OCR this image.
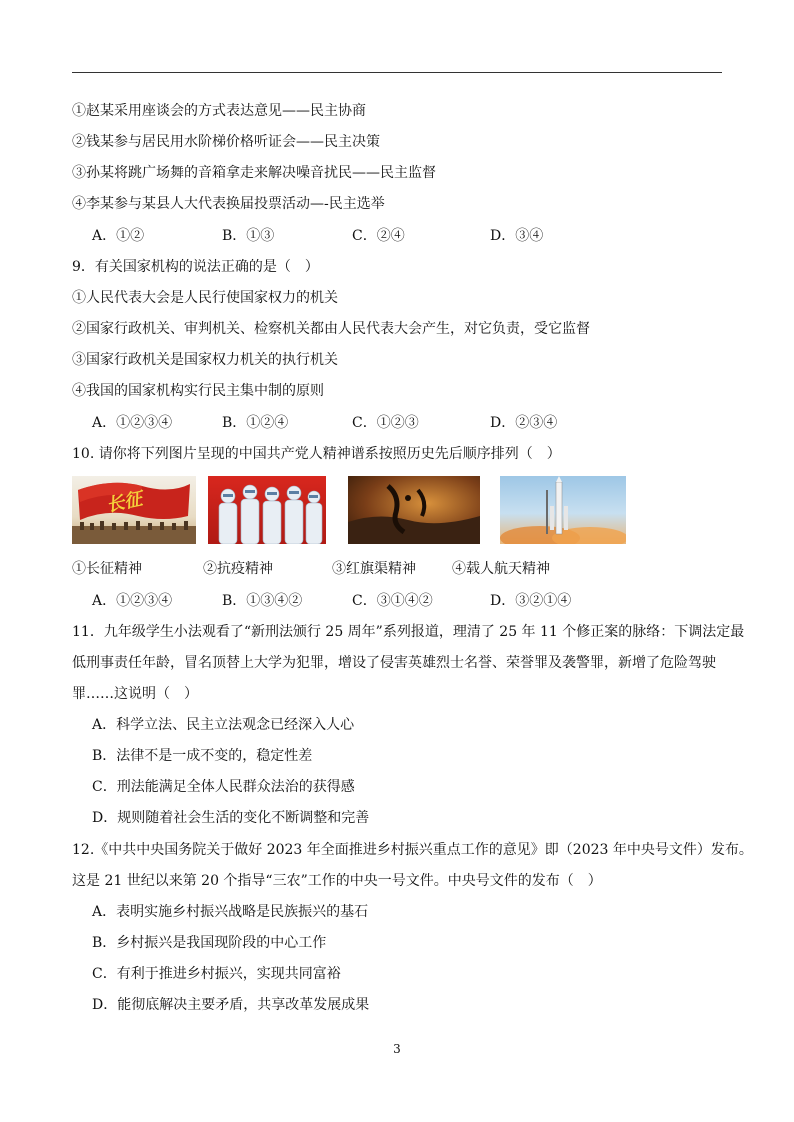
①赵某采用座谈会的方式表达意见——民主协商
②钱某参与居民用水阶梯价格听证会——民主决策
③孙某将跳广场舞的音箱拿走来解决噪音扰民——民主监督
④李某参与某县人大代表换届投票活动—-民主选举
A．①②	B．①③	C．②④	D．③④
9．有关国家机构的说法正确的是（　）
①人民代表大会是人民行使国家权力的机关
②国家行政机关、审判机关、检察机关都由人民代表大会产生，对它负责，受它监督
③国家行政机关是国家权力机关的执行机关
④我国的国家机构实行民主集中制的原则
A．①②③④	B．①②④	C．①②③	D．②③④
10. 请你将下列图片呈现的中国共产党人精神谱系按照历史先后顺序排列（　）
长征
①长征精神	②抗疫精神	③红旗渠精神	④载人航天精神
A．①②③④	B．①③④②	C．③①④②	D．③②①④
11．九年级学生小法观看了“新刑法颁行 25 周年”系列报道，理清了 25 年 11 个修正案的脉络：下调法定最
低刑事责任年龄，冒名顶替上大学为犯罪，增设了侵害英雄烈士名誉、荣誉罪及袭警罪，新增了危险驾驶
罪……这说明（　）
A．科学立法、民主立法观念已经深入人心
B．法律不是一成不变的，稳定性差
C．刑法能满足全体人民群众法治的获得感
D．规则随着社会生活的变化不断调整和完善
12.《中共中央国务院关于做好 2023 年全面推进乡村振兴重点工作的意见》即（2023 年中央号文件）发布。
这是 21 世纪以来第 20 个指导“三农”工作的中央一号文件。中央号文件的发布（　）
A．表明实施乡村振兴战略是民族振兴的基石
B．乡村振兴是我国现阶段的中心工作
C．有利于推进乡村振兴，实现共同富裕
D．能彻底解决主要矛盾，共享改革发展成果
3
